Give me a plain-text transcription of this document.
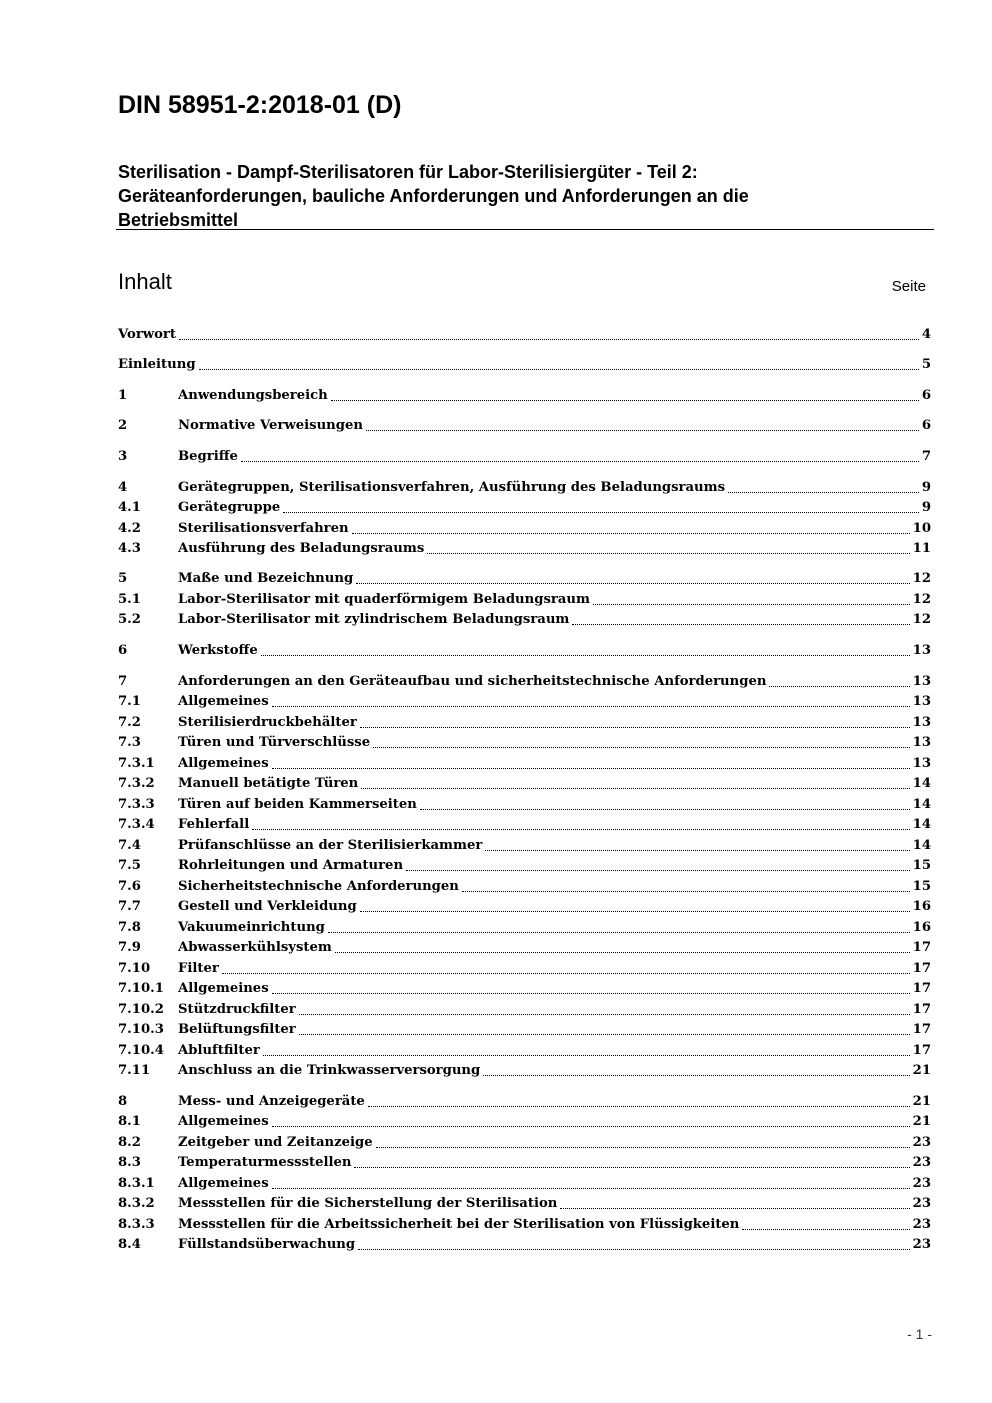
DIN 58951-2:2018-01 (D)
Sterilisation - Dampf-Sterilisatoren für Labor-Sterilisiergüter - Teil 2:
Geräteanforderungen, bauliche Anforderungen und Anforderungen an die
Betriebsmittel
Inhalt	Seite
Vorwort	4
Einleitung	5
1	Anwendungsbereich	6
2	Normative Verweisungen	6
3	Begriffe	7
4	Gerätegruppen, Sterilisationsverfahren, Ausführung des Beladungsraums	9
4.1	Gerätegruppe	9
4.2	Sterilisationsverfahren	10
4.3	Ausführung des Beladungsraums	11
5	Maße und Bezeichnung	12
5.1	Labor-Sterilisator mit quaderförmigem Beladungsraum	12
5.2	Labor-Sterilisator mit zylindrischem Beladungsraum	12
6	Werkstoffe	13
7	Anforderungen an den Geräteaufbau und sicherheitstechnische Anforderungen	13
7.1	Allgemeines	13
7.2	Sterilisierdruckbehälter	13
7.3	Türen und Türverschlüsse	13
7.3.1	Allgemeines	13
7.3.2	Manuell betätigte Türen	14
7.3.3	Türen auf beiden Kammerseiten	14
7.3.4	Fehlerfall	14
7.4	Prüfanschlüsse an der Sterilisierkammer	14
7.5	Rohrleitungen und Armaturen	15
7.6	Sicherheitstechnische Anforderungen	15
7.7	Gestell und Verkleidung	16
7.8	Vakuumeinrichtung	16
7.9	Abwasserkühlsystem	17
7.10	Filter	17
7.10.1	Allgemeines	17
7.10.2	Stützdruckfilter	17
7.10.3	Belüftungsfilter	17
7.10.4	Abluftfilter	17
7.11	Anschluss an die Trinkwasserversorgung	21
8	Mess- und Anzeigegeräte	21
8.1	Allgemeines	21
8.2	Zeitgeber und Zeitanzeige	23
8.3	Temperaturmessstellen	23
8.3.1	Allgemeines	23
8.3.2	Messstellen für die Sicherstellung der Sterilisation	23
8.3.3	Messstellen für die Arbeitssicherheit bei der Sterilisation von Flüssigkeiten	23
8.4	Füllstandsüberwachung	23
- 1 -
